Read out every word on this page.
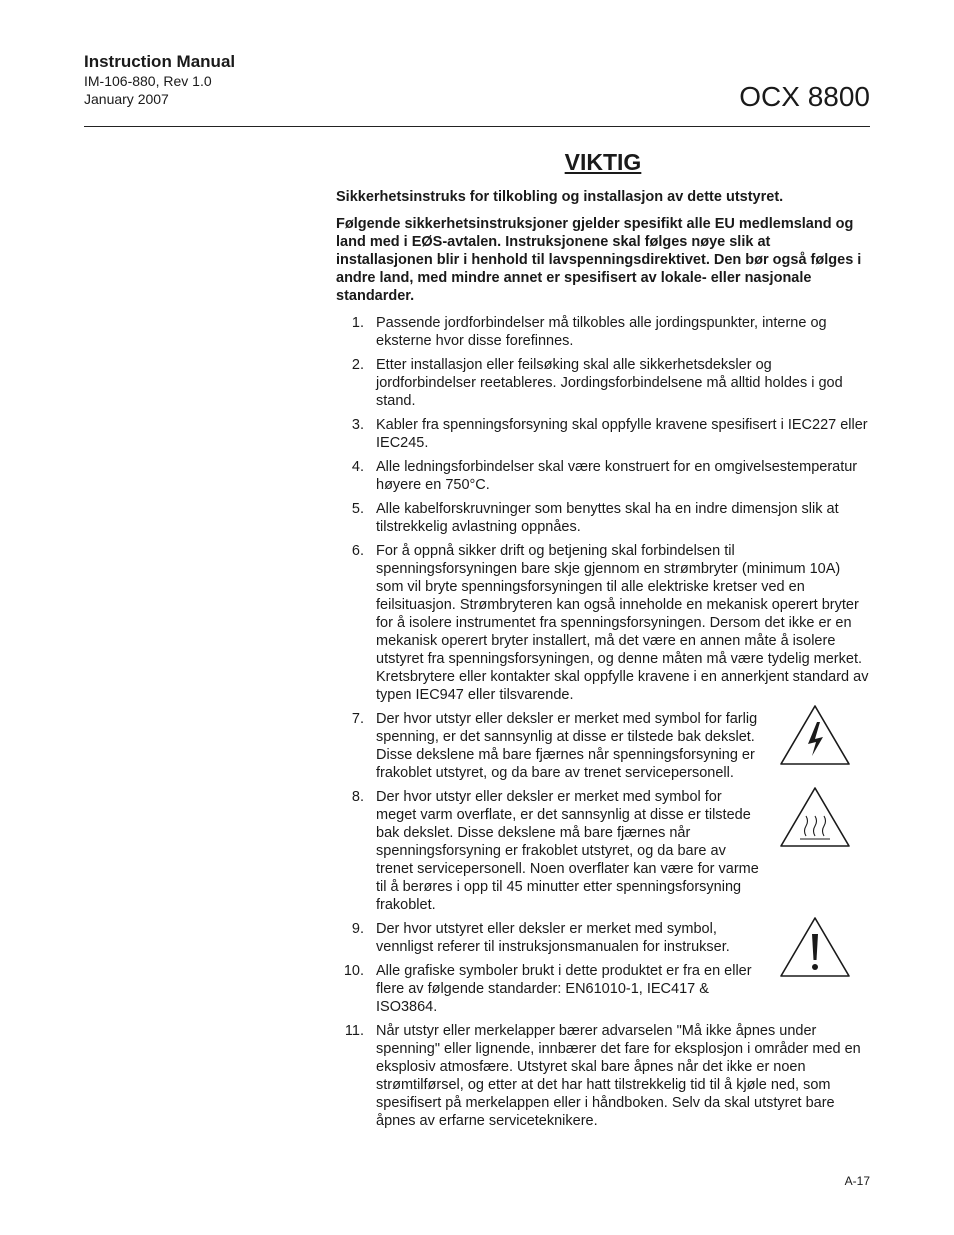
Instruction Manual
IM-106-880, Rev 1.0
January 2007	OCX 8800
VIKTIG

Sikkerhetsinstruks for tilkobling og installasjon av dette utstyret.

Følgende sikkerhetsinstruksjoner gjelder spesifikt alle EU medlemsland og land med i EØS-avtalen. Instruksjonene skal følges nøye slik at installasjonen blir i henhold til lavspenningsdirektivet. Den bør også følges i andre land, med mindre annet er spesifisert av lokale- eller nasjonale standarder.

1. Passende jordforbindelser må tilkobles alle jordingspunkter, interne og eksterne hvor disse forefinnes.
2. Etter installasjon eller feilsøking skal alle sikkerhetsdeksler og jordforbindelser reetableres. Jordingsforbindelsene må alltid holdes i god stand.
3. Kabler fra spenningsforsyning skal oppfylle kravene spesifisert i IEC227 eller IEC245.
4. Alle ledningsforbindelser skal være konstruert for en omgivelsestemperatur høyere en 750°C.
5. Alle kabelforskruvninger som benyttes skal ha en indre dimensjon slik at tilstrekkelig avlastning oppnåes.
6. For å oppnå sikker drift og betjening skal forbindelsen til spenningsforsyningen bare skje gjennom en strømbryter (minimum 10A) som vil bryte spenningsforsyningen til alle elektriske kretser ved en feilsituasjon. Strømbryteren kan også inneholde en mekanisk operert bryter for å isolere instrumentet fra spenningsforsyningen. Dersom det ikke er en mekanisk operert bryter installert, må det være en annen måte å isolere utstyret fra spenningsforsyningen, og denne måten må være tydelig merket. Kretsbrytere eller kontakter skal oppfylle kravene i en annerkjent standard av typen IEC947 eller tilsvarende.
7. Der hvor utstyr eller deksler er merket med symbol for farlig spenning, er det sannsynlig at disse er tilstede bak dekslet. Disse dekslene må bare fjærnes når spenningsforsyning er frakoblet utstyret, og da bare av trenet servicepersonell.
8. Der hvor utstyr eller deksler er merket med symbol for meget varm overflate, er det sannsynlig at disse er tilstede bak dekslet. Disse dekslene må bare fjærnes når spenningsforsyning er frakoblet utstyret, og da bare av trenet servicepersonell. Noen overflater kan være for varme til å berøres i opp til 45 minutter etter spenningsforsyning frakoblet.
9. Der hvor utstyret eller deksler er merket med symbol, vennligst referer til instruksjonsmanualen for instrukser.
10. Alle grafiske symboler brukt i dette produktet er fra en eller flere av følgende standarder: EN61010-1, IEC417 & ISO3864.
11. Når utstyr eller merkelapper bærer advarselen "Må ikke åpnes under spenning" eller lignende, innbærer det fare for eksplosjon i områder med en eksplosiv atmosfære. Utstyret skal bare åpnes når det ikke er noen strømtilførsel, og etter at det har hatt tilstrekkelig tid til å kjøle ned, som spesifisert på merkelappen eller i håndboken. Selv da skal utstyret bare åpnes av erfarne serviceteknikere.
A-17
